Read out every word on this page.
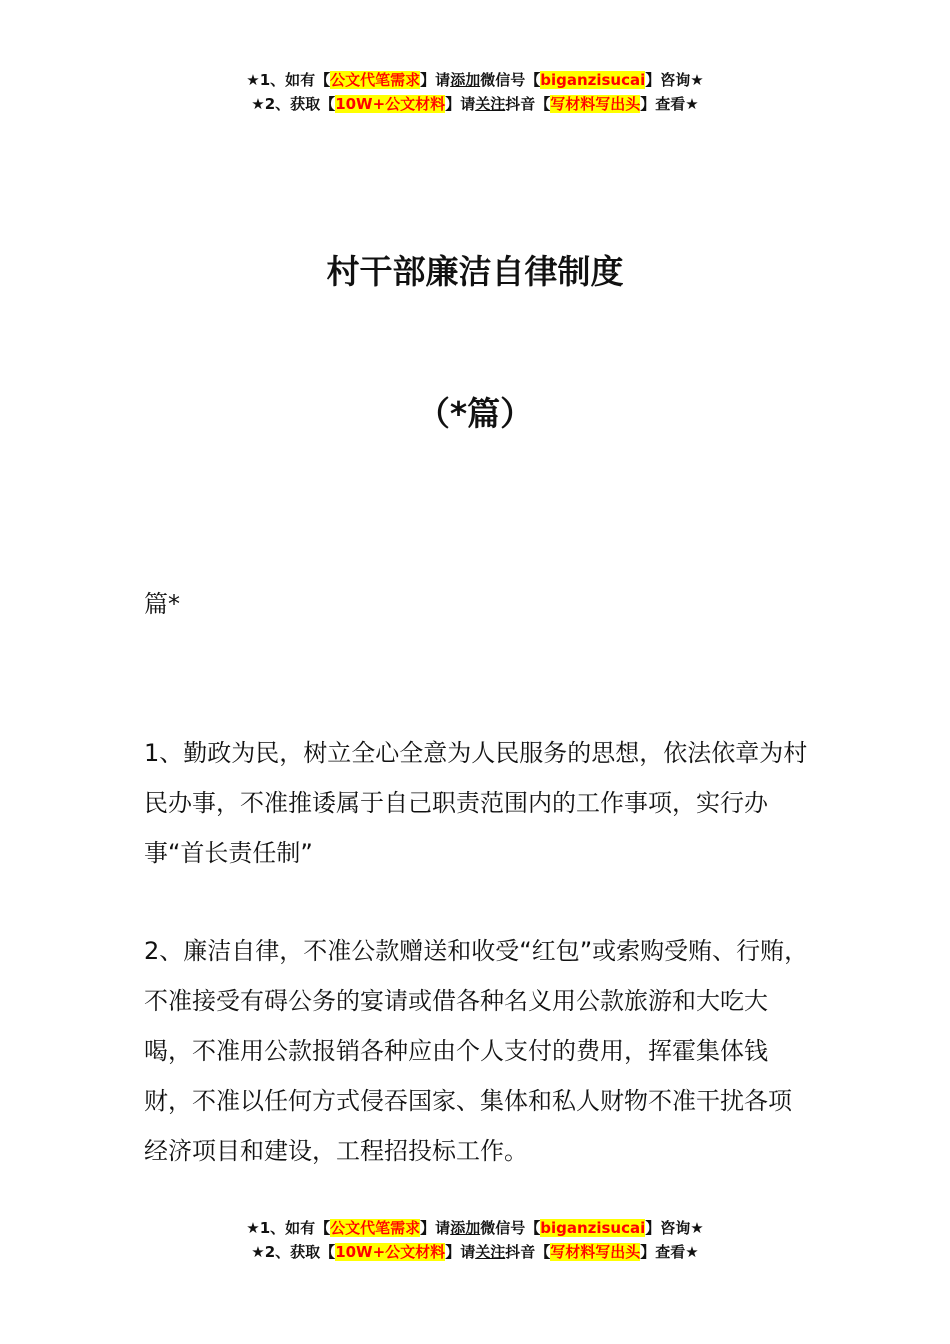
★1、如有【公文代笔需求】请添加微信号【biganzisucai】咨询★
★2、获取【10W+公文材料】请关注抖音【写材料写出头】查看★
村干部廉洁自律制度
（*篇）
篇*

1、勤政为民，树立全心全意为人民服务的思想，依法依章为村民办事，不准推诿属于自己职责范围内的工作事项，实行办事“首长责任制”

2、廉洁自律，不准公款赠送和收受“红包”或索购受贿、行贿，不准接受有碍公务的宴请或借各种名义用公款旅游和大吃大喝，不准用公款报销各种应由个人支付的费用，挥霍集体钱财，不准以任何方式侵吞国家、集体和私人财物不准干扰各项经济项目和建设，工程招投标工作。

★1、如有【公文代笔需求】请添加微信号【biganzisucai】咨询★
★2、获取【10W+公文材料】请关注抖音【写材料写出头】查看★
